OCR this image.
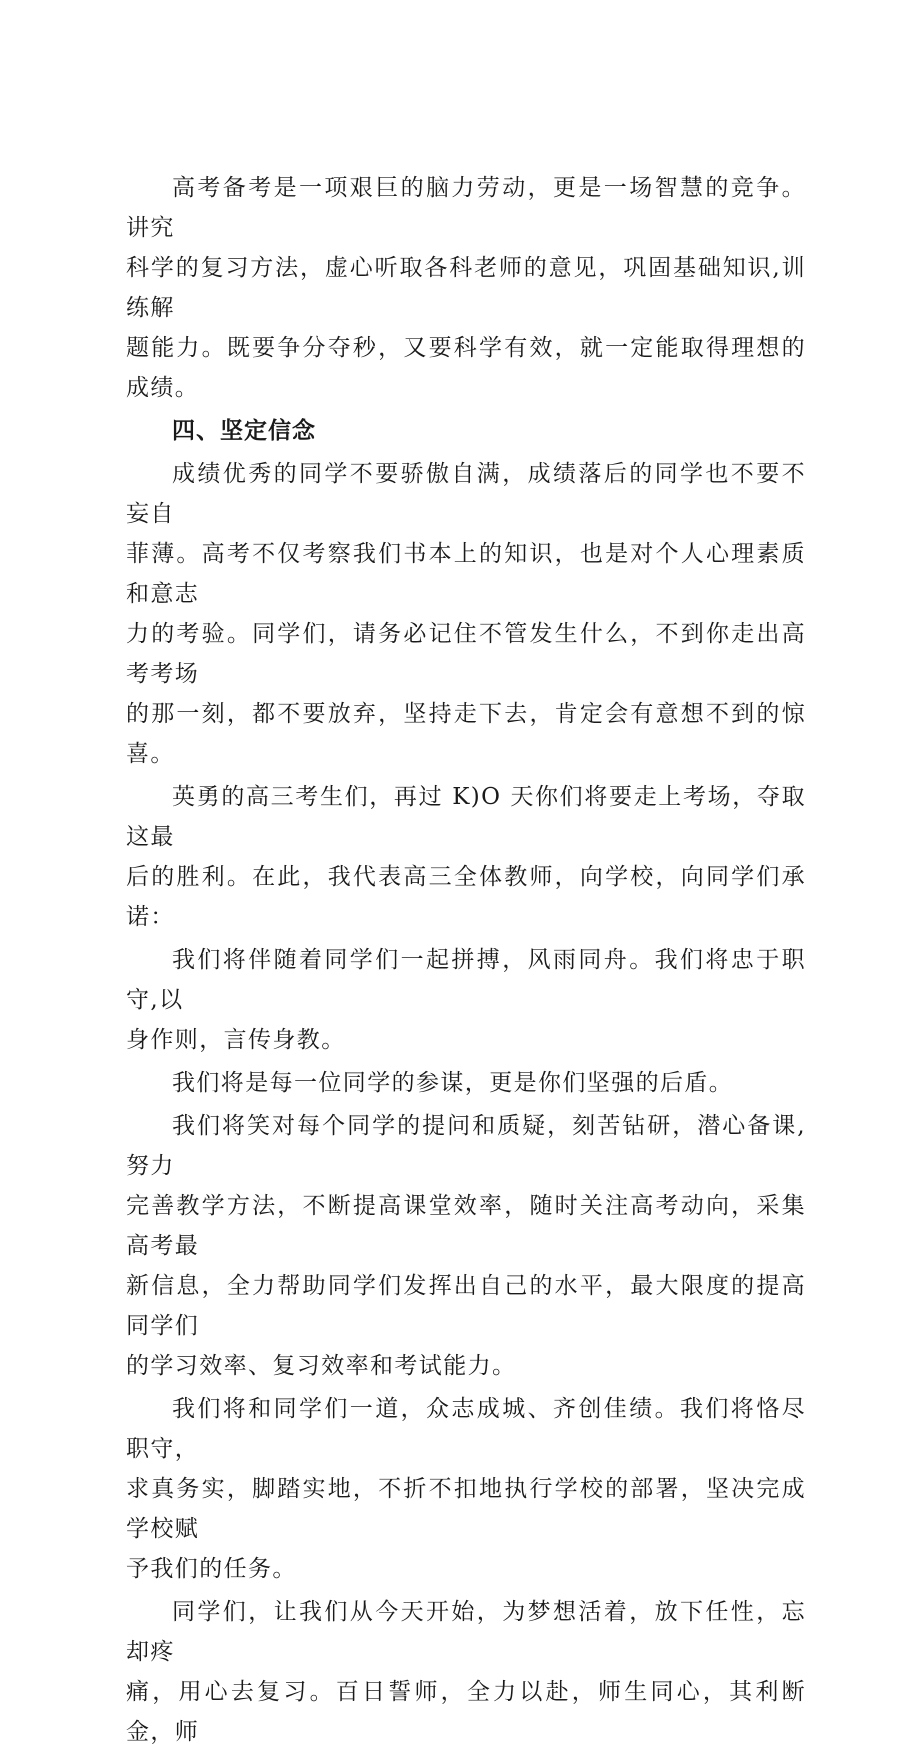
高考备考是一项艰巨的脑力劳动，更是一场智慧的竞争。讲究
科学的复习方法，虚心听取各科老师的意见，巩固基础知识,训练解
题能力。既要争分夺秒，又要科学有效，就一定能取得理想的成绩。
四、坚定信念
成绩优秀的同学不要骄傲自满，成绩落后的同学也不要不妄自
菲薄。高考不仅考察我们书本上的知识，也是对个人心理素质和意志
力的考验。同学们，请务必记住不管发生什么，不到你走出高考考场
的那一刻，都不要放弃，坚持走下去，肯定会有意想不到的惊喜。
英勇的高三考生们，再过 K)O 天你们将要走上考场，夺取这最
后的胜利。在此，我代表高三全体教师，向学校，向同学们承诺：
我们将伴随着同学们一起拼搏，风雨同舟。我们将忠于职守,以
身作则，言传身教。
我们将是每一位同学的参谋，更是你们坚强的后盾。
我们将笑对每个同学的提问和质疑，刻苦钻研，潜心备课,努力
完善教学方法，不断提高课堂效率，随时关注高考动向，采集高考最
新信息，全力帮助同学们发挥出自己的水平，最大限度的提高同学们
的学习效率、复习效率和考试能力。
我们将和同学们一道，众志成城、齐创佳绩。我们将恪尽职守，
求真务实，脚踏实地，不折不扣地执行学校的部署，坚决完成学校赋
予我们的任务。
同学们，让我们从今天开始，为梦想活着，放下任性，忘却疼
痛，用心去复习。百日誓师，全力以赴，师生同心，其利断金，师
